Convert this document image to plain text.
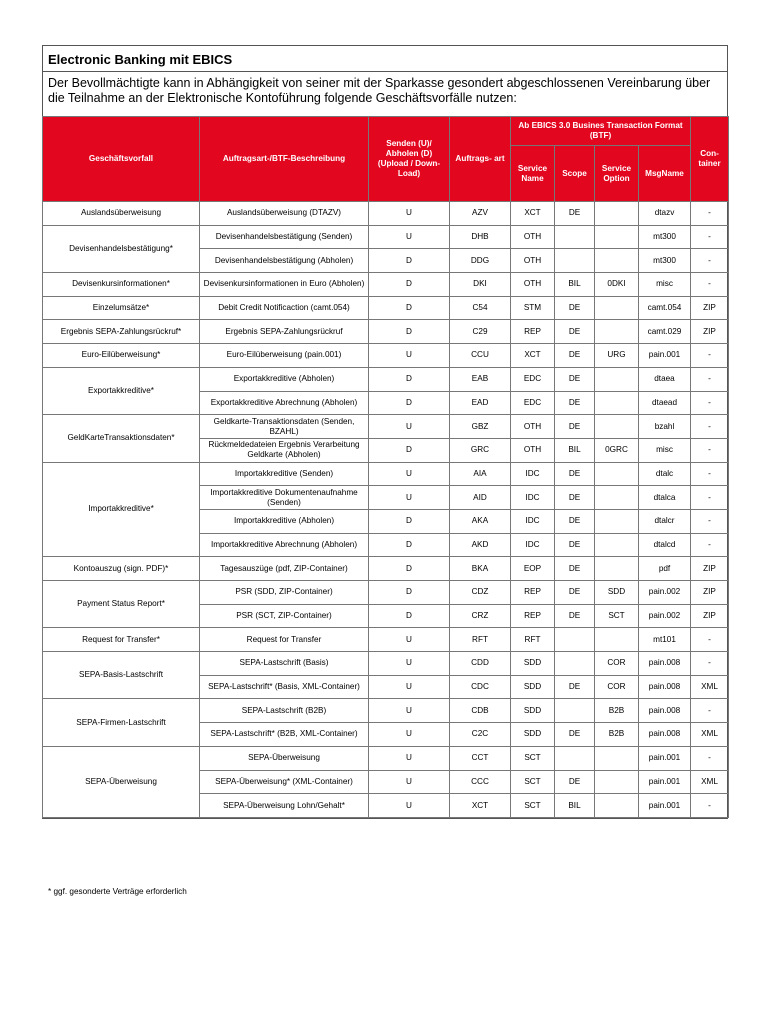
Electronic Banking mit EBICS
Der Bevollmächtigte kann in Abhängigkeit von seiner mit der Sparkasse gesondert abgeschlossenen Vereinbarung über die Teilnahme an der Elektronische Kontoführung folgende Geschäftsvorfälle nutzen:
Geschäftsvorfall	Auftragsart-/BTF-Beschreibung	Senden (U)/ Abholen (D) (Upload / Down- Load)	Auftrags- art	Ab EBICS 3.0 Busines Transaction Format (BTF)				Con- tainer
				Service Name	Scope	Service Option	MsgName	
Auslandsüberweisung	Auslandsüberweisung (DTAZV)	U	AZV	XCT	DE		dtazv	-
Devisenhandelsbestätigung*	Devisenhandelsbestätigung (Senden)	U	DHB	OTH			mt300	-
	Devisenhandelsbestätigung (Abholen)	D	DDG	OTH			mt300	-
Devisenkursinformationen*	Devisenkursinformationen in Euro (Abholen)	D	DKI	OTH	BIL	0DKI	misc	-
Einzelumsätze*	Debit Credit Notificaction (camt.054)	D	C54	STM	DE		camt.054	ZIP
Ergebnis SEPA-Zahlungsrückruf*	Ergebnis SEPA-Zahlungsrückruf	D	C29	REP	DE		camt.029	ZIP
Euro-Eilüberweisung*	Euro-Eilüberweisung (pain.001)	U	CCU	XCT	DE	URG	pain.001	-
Exportakkreditive*	Exportakkreditive (Abholen)	D	EAB	EDC	DE		dtaea	-
	Exportakkreditive Abrechnung (Abholen)	D	EAD	EDC	DE		dtaead	-
GeldKarteTransaktionsdaten*	Geldkarte-Transaktionsdaten (Senden, BZAHL)	U	GBZ	OTH	DE		bzahl	-
	Rückmeldedateien Ergebnis Verarbeitung Geldkarte (Abholen)	D	GRC	OTH	BIL	0GRC	misc	-
Importakkreditive*	Importakkreditive (Senden)	U	AIA	IDC	DE		dtalc	-
	Importakkreditive Dokumentenaufnahme (Senden)	U	AID	IDC	DE		dtalca	-
	Importakkreditive (Abholen)	D	AKA	IDC	DE		dtalcr	-
	Importakkreditive Abrechnung (Abholen)	D	AKD	IDC	DE		dtalcd	-
Kontoauszug (sign. PDF)*	Tagesauszüge (pdf, ZIP-Container)	D	BKA	EOP	DE		pdf	ZIP
Payment Status Report*	PSR (SDD, ZIP-Container)	D	CDZ	REP	DE	SDD	pain.002	ZIP
	PSR (SCT, ZIP-Container)	D	CRZ	REP	DE	SCT	pain.002	ZIP
Request for Transfer*	Request for Transfer	U	RFT	RFT			mt101	-
SEPA-Basis-Lastschrift	SEPA-Lastschrift (Basis)	U	CDD	SDD		COR	pain.008	-
	SEPA-Lastschrift* (Basis, XML-Container)	U	CDC	SDD	DE	COR	pain.008	XML
SEPA-Firmen-Lastschrift	SEPA-Lastschrift (B2B)	U	CDB	SDD		B2B	pain.008	-
	SEPA-Lastschrift* (B2B, XML-Container)	U	C2C	SDD	DE	B2B	pain.008	XML
SEPA-Überweisung	SEPA-Überweisung	U	CCT	SCT			pain.001	-
	SEPA-Überweisung* (XML-Container)	U	CCC	SCT	DE		pain.001	XML
	SEPA-Überweisung Lohn/Gehalt*	U	XCT	SCT	BIL		pain.001	-
* ggf. gesonderte Verträge erforderlich
